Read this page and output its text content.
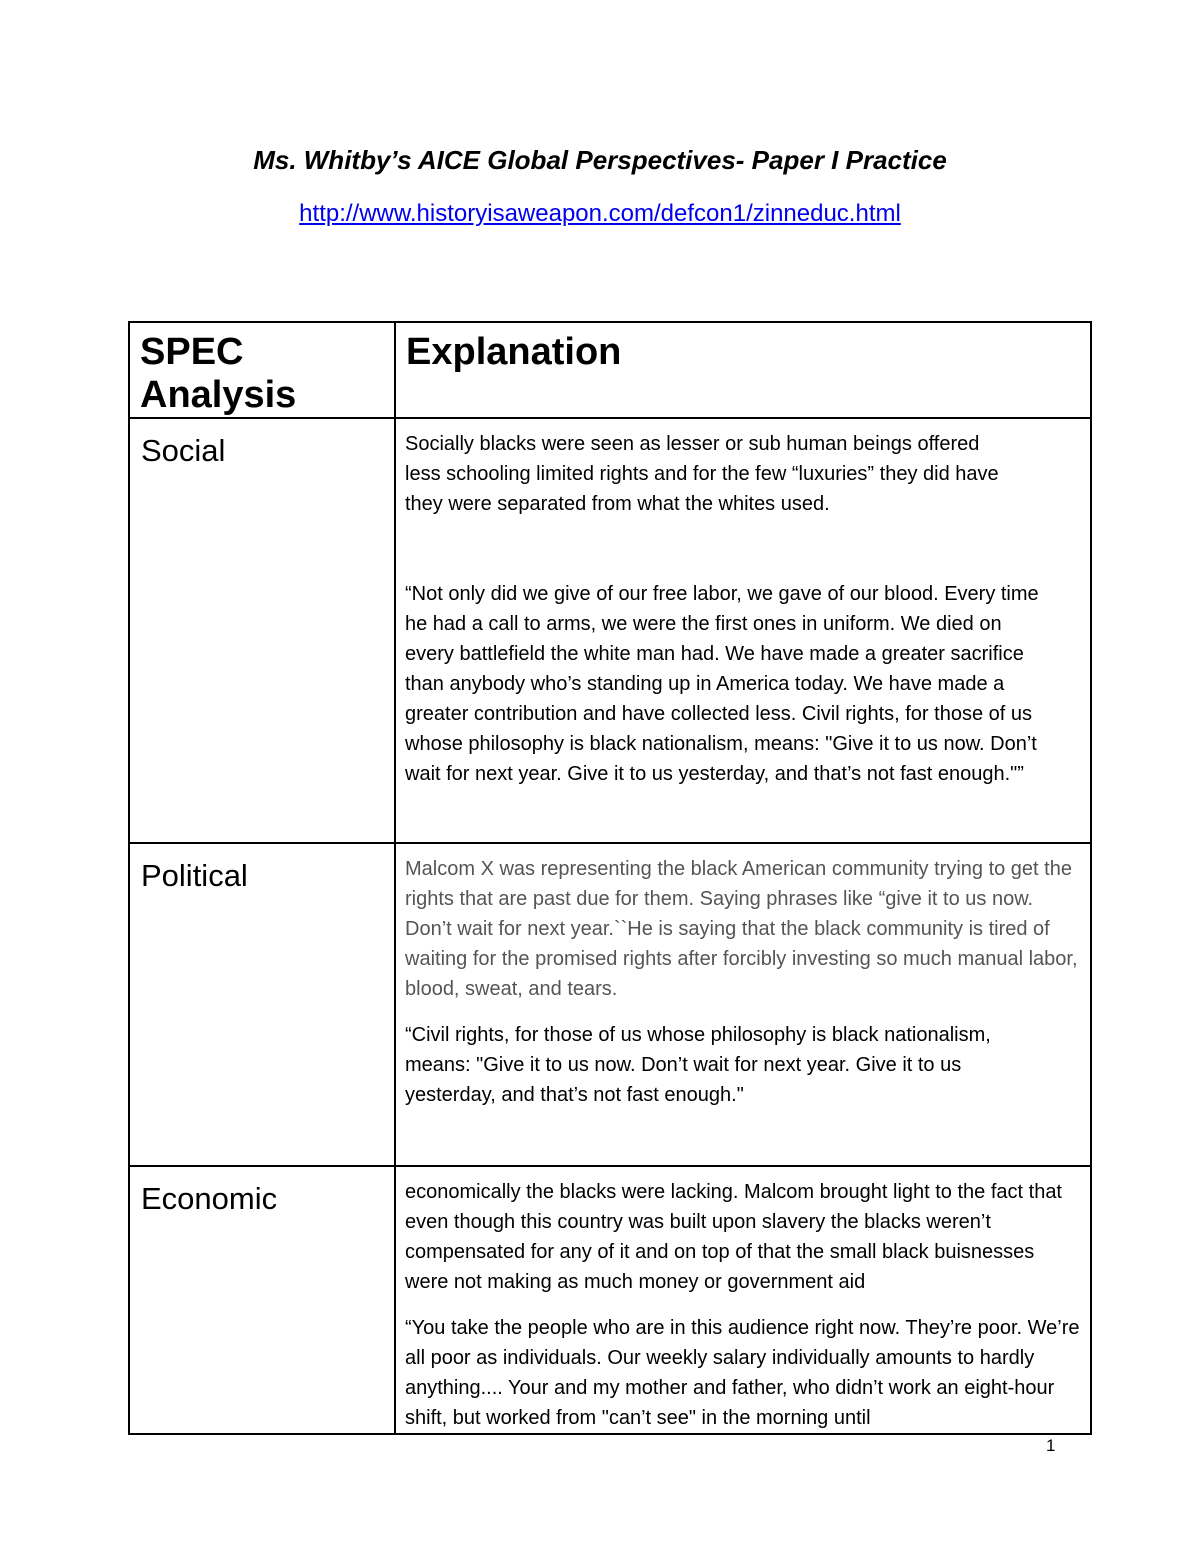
Ms. Whitby’s AICE Global Perspectives- Paper I Practice
http://www.historyisaweapon.com/defcon1/zinneduc.html
SPEC Analysis	Explanation
Social	Socially blacks were seen as lesser or sub human beings offered less schooling limited rights and for the few “luxuries” they did have they were separated from what the whites used.

“Not only did we give of our free labor, we gave of our blood. Every time he had a call to arms, we were the first ones in uniform. We died on every battlefield the white man had. We have made a greater sacrifice than anybody who’s standing up in America today. We have made a greater contribution and have collected less. Civil rights, for those of us whose philosophy is black nationalism, means: "Give it to us now. Don’t wait for next year. Give it to us yesterday, and that’s not fast enough."”

Political	Malcom X was representing the black American community trying to get the rights that are past due for them. Saying phrases like “give it to us now. Don’t wait for next year.``He is saying that the black community is tired of waiting for the promised rights after forcibly investing so much manual labor, blood, sweat, and tears.

“Civil rights, for those of us whose philosophy is black nationalism, means: "Give it to us now. Don’t wait for next year. Give it to us yesterday, and that’s not fast enough."

Economic	economically the blacks were lacking. Malcom brought light to the fact that even though this country was built upon slavery the blacks weren’t compensated for any of it and on top of that the small black buisnesses were not making as much money or government aid

“You take the people who are in this audience right now. They’re poor. We’re all poor as individuals. Our weekly salary individually amounts to hardly anything.... Your and my mother and father, who didn’t work an eight-hour shift, but worked from "can’t see" in the morning until

1
